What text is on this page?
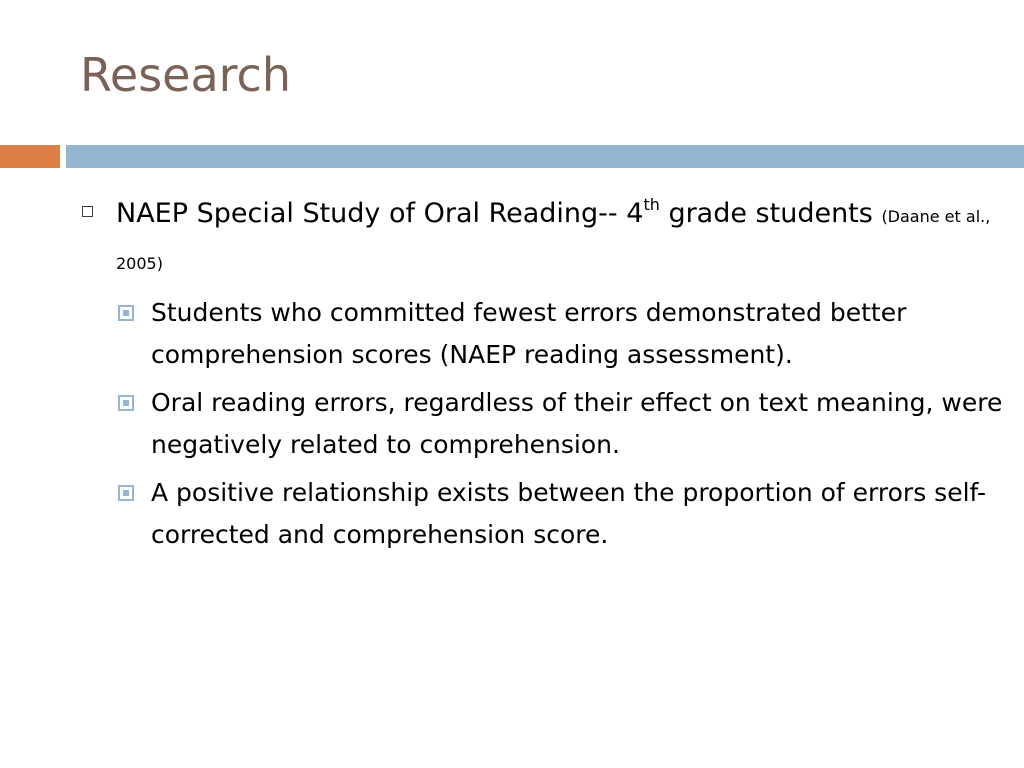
Research
NAEP Special Study of Oral Reading-- 4th grade students (Daane et al., 2005)
Students who committed fewest errors demonstrated better comprehension scores (NAEP reading assessment).
Oral reading errors, regardless of their effect on text meaning, were negatively related to comprehension.
A positive relationship exists between the proportion of errors self-corrected and comprehension score.
